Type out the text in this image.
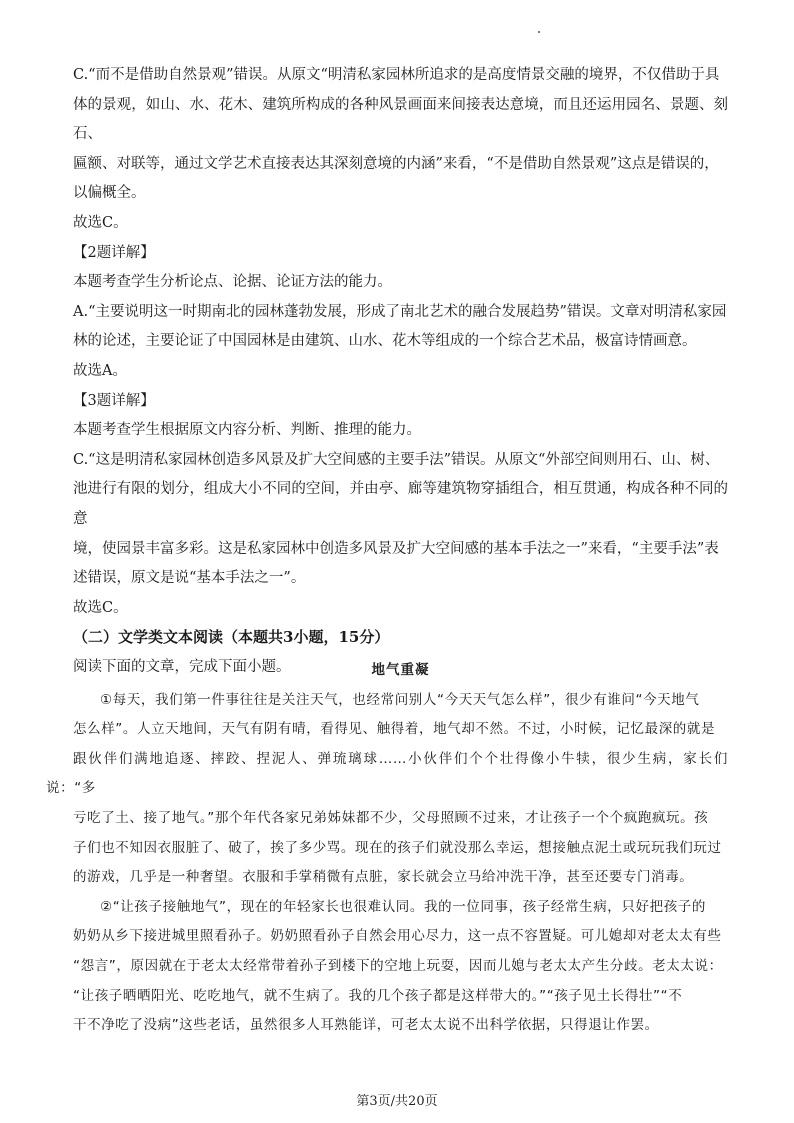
C.“而不是借助自然景观”错误。从原文“明清私家园林所追求的是高度情景交融的境界，不仅借助于具
体的景观，如山、水、花木、建筑所构成的各种风景画面来间接表达意境，而且还运用园名、景题、刻石、
匾额、对联等，通过文学艺术直接表达其深刻意境的内涵”来看，“不是借助自然景观”这点是错误的，
以偏概全。

故选C。

【2题详解】

本题考查学生分析论点、论据、论证方法的能力。

A.“主要说明这一时期南北的园林蓬勃发展，形成了南北艺术的融合发展趋势”错误。文章对明清私家园
林的论述，主要论证了中国园林是由建筑、山水、花木等组成的一个综合艺术品，极富诗情画意。

故选A。

【3题详解】

本题考查学生根据原文内容分析、判断、推理的能力。

C.“这是明清私家园林创造多风景及扩大空间感的主要手法”错误。从原文“外部空间则用石、山、树、
池进行有限的划分，组成大小不同的空间，并由亭、廊等建筑物穿插组合，相互贯通，构成各种不同的意
境，使园景丰富多彩。这是私家园林中创造多风景及扩大空间感的基本手法之一”来看，“主要手法”表
述错误，原文是说“基本手法之一”。

故选C。

（二）文学类文本阅读（本题共3小题，15分）

阅读下面的文章，完成下面小题。	地气重凝

①每天，我们第一件事往往是关注天气，也经常问别人“今天天气怎么样”，很少有谁问“今天地气
怎么样”。人立天地间，天气有阴有晴，看得见、触得着，地气却不然。不过，小时候，记忆最深的就是
跟伙伴们满地追逐、摔跤、捏泥人、弹琉璃球……小伙伴们个个壮得像小牛犊，很少生病，家长们说：“多
亏吃了土、接了地气。”那个年代各家兄弟姊妹都不少，父母照顾不过来，才让孩子一个个疯跑疯玩。孩
子们也不知因衣服脏了、破了，挨了多少骂。现在的孩子们就没那么幸运，想接触点泥土或玩玩我们玩过
的游戏，几乎是一种奢望。衣服和手掌稍微有点脏，家长就会立马给冲洗干净，甚至还要专门消毒。

②“让孩子接触地气”，现在的年轻家长也很难认同。我的一位同事，孩子经常生病，只好把孩子的
奶奶从乡下接进城里照看孙子。奶奶照看孙子自然会用心尽力，这一点不容置疑。可儿媳却对老太太有些
“怨言”，原因就在于老太太经常带着孙子到楼下的空地上玩耍，因而儿媳与老太太产生分歧。老太太说：
“让孩子晒晒阳光、吃吃地气，就不生病了。我的几个孩子都是这样带大的。”“孩子见土长得壮”“不
干不净吃了没病”这些老话，虽然很多人耳熟能详，可老太太说不出科学依据，只得退让作罢。

第3页/共20页
